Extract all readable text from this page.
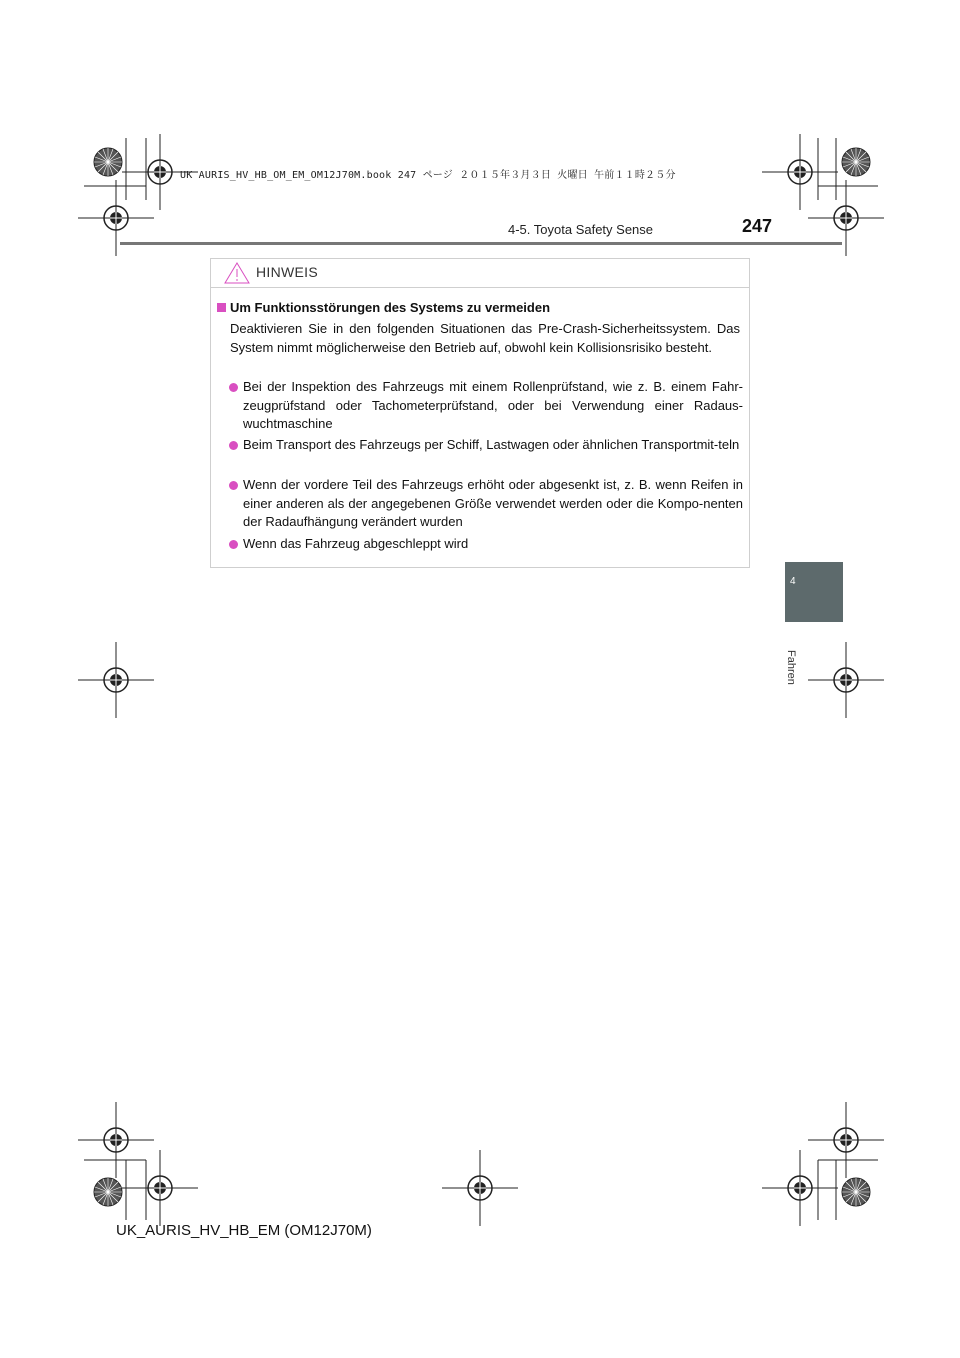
UK AURIS_HV_HB_OM_EM_OM12J70M.book 247 ページ ２０１５年３月３日 火曜日 午前１１時２５分
4-5. Toyota Safety Sense	247
4
Fahren
HINWEIS
Um Funktionsstörungen des Systems zu vermeiden
Deaktivieren Sie in den folgenden Situationen das Pre-Crash-Sicherheitssystem. Das System nimmt möglicherweise den Betrieb auf, obwohl kein Kollisionsrisiko besteht.
Bei der Inspektion des Fahrzeugs mit einem Rollenprüfstand, wie z. B. einem Fahr-zeugprüfstand oder Tachometerprüfstand, oder bei Verwendung einer Radaus-wuchtmaschine
Beim Transport des Fahrzeugs per Schiff, Lastwagen oder ähnlichen Transportmit-teln
Wenn der vordere Teil des Fahrzeugs erhöht oder abgesenkt ist, z. B. wenn Reifen in einer anderen als der angegebenen Größe verwendet werden oder die Kompo-nenten der Radaufhängung verändert wurden
Wenn das Fahrzeug abgeschleppt wird
UK_AURIS_HV_HB_EM (OM12J70M)
